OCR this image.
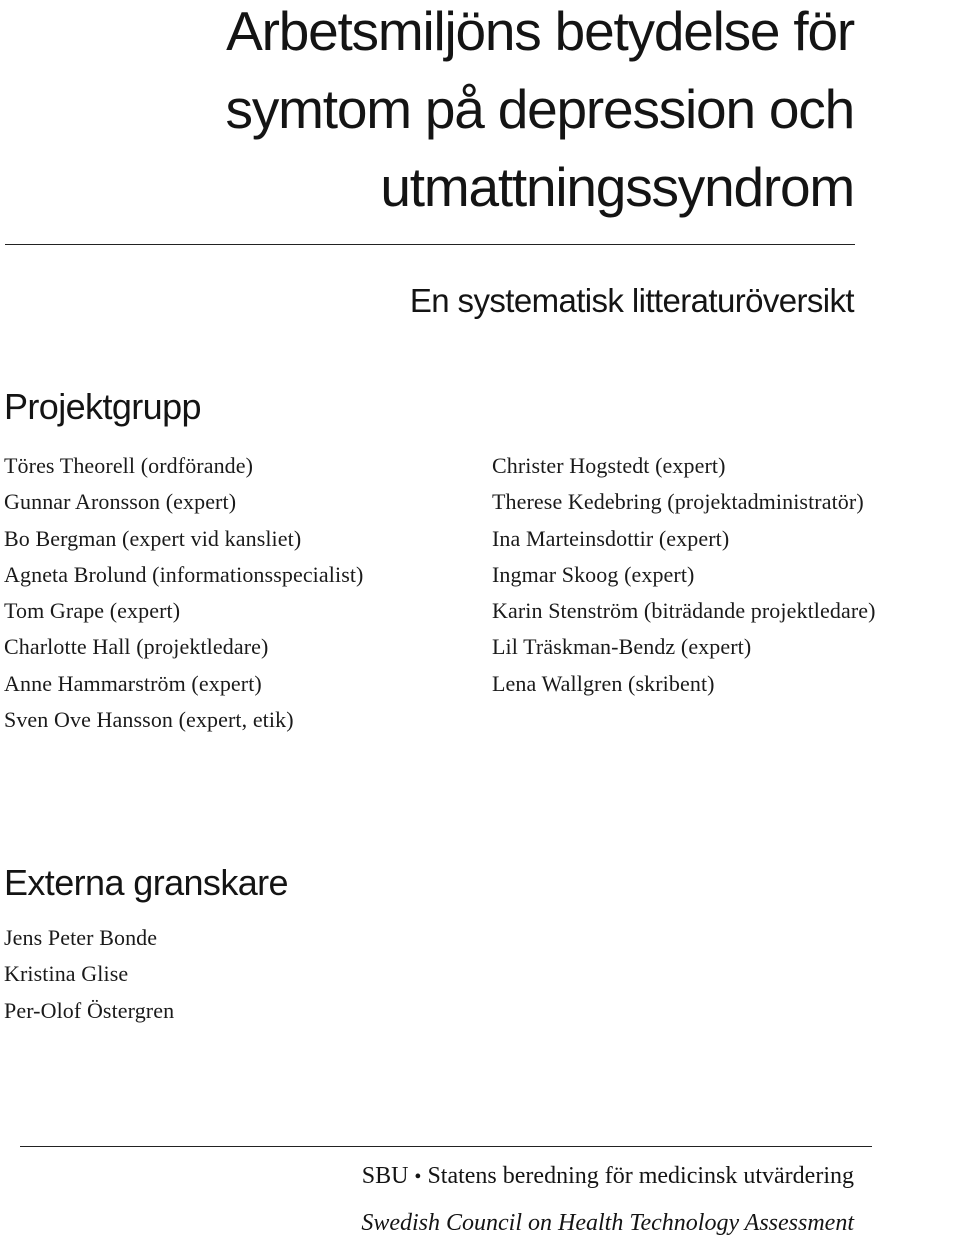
Arbetsmiljöns betydelse för
symtom på depression och
utmattningssyndrom
En systematisk litteraturöversikt
Projektgrupp
Töres Theorell (ordförande)
Gunnar Aronsson (expert)
Bo Bergman (expert vid kansliet)
Agneta Brolund (informationsspecialist)
Tom Grape (expert)
Charlotte Hall (projektledare)
Anne Hammarström (expert)
Sven Ove Hansson (expert, etik)
Christer Hogstedt (expert)
Therese Kedebring (projektadministratör)
Ina Marteinsdottir (expert)
Ingmar Skoog (expert)
Karin Stenström (biträdande projektledare)
Lil Träskman-Bendz (expert)
Lena Wallgren (skribent)
Externa granskare
Jens Peter Bonde
Kristina Glise
Per-Olof Östergren
SBU • Statens beredning för medicinsk utvärdering
Swedish Council on Health Technology Assessment
